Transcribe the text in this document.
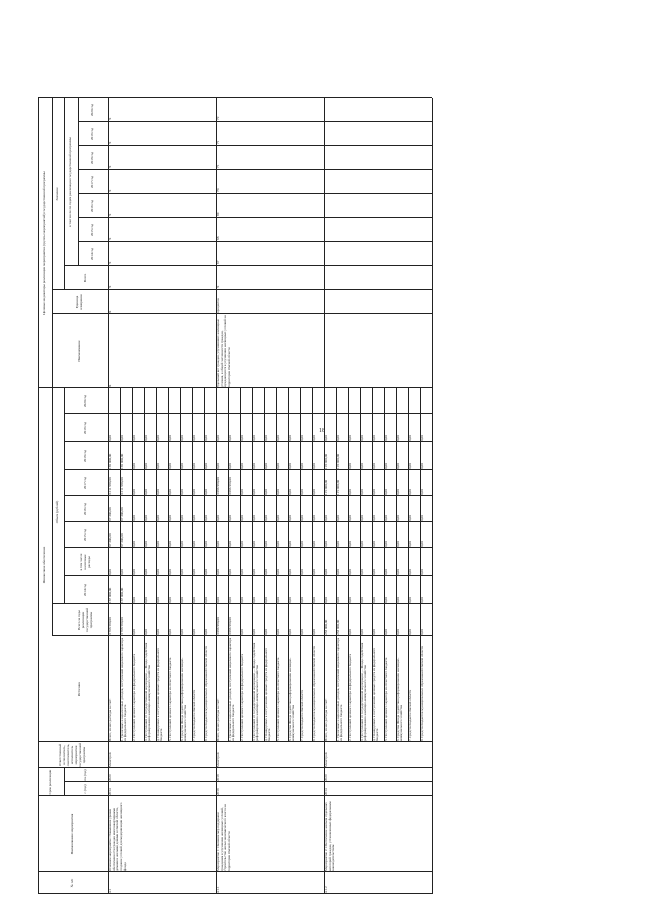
18
№ п/п
Наименование мероприятия
Срок реализации	с (год)
по (год)
Ответственный исполнитель, соисполнитель, исполнитель мероприятия государственной программы
Финансовое обеспечение
Источник
Всего за годы реализации государственной программы
Объем (рублей)
2014 год
в том числе налоговые расходы
2015 год
2016 год
2017 год
2018 год
2019 год
2020 год
Целевые индикаторы реализации мероприятия (группы мероприятий) государственной программы
Наименование
Единица измерения
Значение
Всего
в том числе по годам реализации государственной программы
2014 год
2015 год
2016 год
2017 год
2018 год
2019 год
2020 год
4.1
Основное мероприятие: Повышение уровня обеспеченности граждан многоквартирными домами и жилыми домами в Омской области, создание условий для модернизации жилищного фонда
2014
2020
Минстрой
Всего, из них расходы за счет:
3 768 590,00
167 000,00
0,00
87 300,00
97 300,00
3 211 990,00
165 000,00
0,00
1. Налоговых и неналоговых доходов, поступлений нецелевого характера из федерального бюджета
3 768 590,00
167 000,00
0,00
87 300,00
97 300,00
3 211 990,00
165 000,00
0,00
2. Поступлений целевого характера из федерального бюджета
0,00
0,00
0,00
0,00
0,00
0,00
0,00
0,00
3. Поступлений от государственной корпорации — Фонда содействия реформированию жилищно-коммунального хозяйства
0,00
0,00
0,00
0,00
0,00
0,00
0,00
0,00
4. Планируемых к поступлению целевых средств из федерального бюджета
0,00
0,00
0,00
0,00
0,00
0,00
0,00
0,00
5. Поступлений целевого характера из областного бюджета
0,00
0,00
0,00
0,00
0,00
0,00
0,00
0,00
6. Средства Фонда содействия реформированию жилищно-коммунального хозяйства
0,00
0,00
0,00
0,00
0,00
0,00
0,00
0,00
7. Средств бюджета Омской области
0,00
0,00
0,00
0,00
0,00
0,00
0,00
0,00
8. Средств бюджетов муниципальных образований Омской области
0,00
0,00
0,00
0,00
0,00
0,00
0,00
0,00
X
X
X
X
X
X
X
X
X
X
4.1.1
Мероприятие 1: Оказание мер поддержки гражданам в улучшении жилищных условий, строительство жилья экономического класса на территории Омской области
2018
2018
Минстрой
Всего, из них расходы за счет:
3 096 990,00
0,00
0,00
0,00
0,00
3 096 990,00
0,00
0,00
1. Налоговых и неналоговых доходов, поступлений нецелевого характера из федерального бюджета
3 096 990,00
0,00
0,00
0,00
0,00
3 096 990,00
0,00
0,00
2. Поступлений целевого характера из федерального бюджета
0,00
0,00
0,00
0,00
0,00
0,00
0,00
0,00
3. Поступлений от государственной корпорации — Фонда содействия реформированию жилищно-коммунального хозяйства
0,00
0,00
0,00
0,00
0,00
0,00
0,00
0,00
4. Планируемых к поступлению целевых средств из федерального бюджета
0,00
0,00
0,00
0,00
0,00
0,00
0,00
0,00
5. Поступлений целевого характера из областного бюджета
0,00
0,00
0,00
0,00
0,00
0,00
0,00
0,00
6. Средства Фонда содействия реформированию жилищно-коммунального хозяйства
0,00
0,00
0,00
0,00
0,00
0,00
0,00
0,00
7. Средств бюджета Омской области
0,00
0,00
0,00
0,00
0,00
0,00
0,00
0,00
8. Средств бюджетов муниципальных образований Омской области
0,00
0,00
0,00
0,00
0,00
0,00
0,00
0,00
Удельный вес граждан, улучшивших жилищные условия, в общей численности граждан, нуждающихся в улучшении жилищных условий на территории Омской области
процентов
X
67
68
69
70
71
71
72
4.1.2
Мероприятие 2: Обеспечение жильем отдельных категорий граждан, установленных федеральным законодательством
2014
2020
Минстрой
Всего, из них расходы за счет:
233 000,00
0,00
0,00
0,00
0,00
115 000,00
118 000,00
0,00
1. Налоговых и неналоговых доходов, поступлений нецелевого характера из федерального бюджета
233 000,00
0,00
0,00
0,00
0,00
115 000,00
118 000,00
0,00
2. Поступлений целевого характера из федерального бюджета
0,00
0,00
0,00
0,00
0,00
0,00
0,00
0,00
3. Поступлений от государственной корпорации — Фонда содействия реформированию жилищно-коммунального хозяйства
0,00
0,00
0,00
0,00
0,00
0,00
0,00
0,00
4. Планируемых к поступлению целевых средств из федерального бюджета
0,00
0,00
0,00
0,00
0,00
0,00
0,00
0,00
5. Поступлений целевого характера из областного бюджета
0,00
0,00
0,00
0,00
0,00
0,00
0,00
0,00
6. Средства Фонда содействия реформированию жилищно-коммунального хозяйства
0,00
0,00
0,00
0,00
0,00
0,00
0,00
0,00
7. Средств бюджета Омской области
0,00
0,00
0,00
0,00
0,00
0,00
0,00
0,00
8. Средств бюджетов муниципальных образований Омской области
0,00
0,00
0,00
0,00
0,00
0,00
0,00
0,00
